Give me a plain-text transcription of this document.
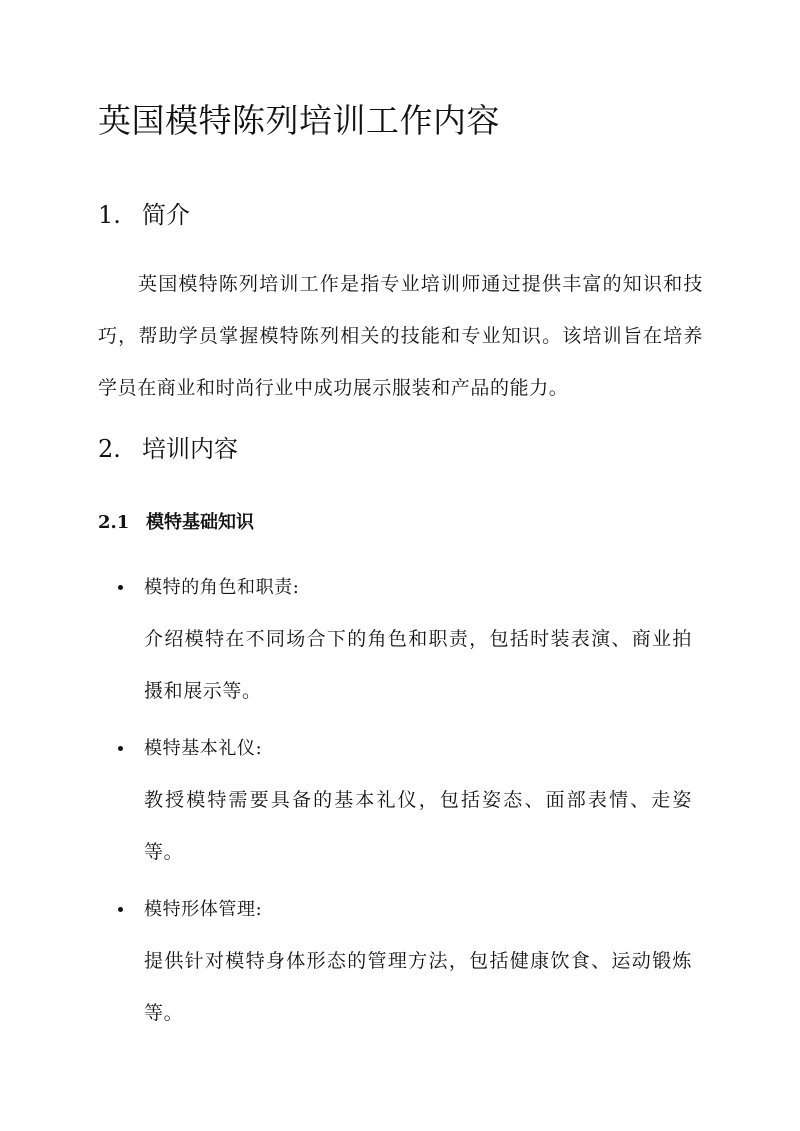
英国模特陈列培训工作内容
1. 简介

英国模特陈列培训工作是指专业培训师通过提供丰富的知识和技巧，帮助学员掌握模特陈列相关的技能和专业知识。该培训旨在培养学员在商业和时尚行业中成功展示服装和产品的能力。

2. 培训内容
2.1 模特基础知识

模特的角色和职责:

介绍模特在不同场合下的角色和职责，包括时装表演、商业拍摄和展示等。

模特基本礼仪:

教授模特需要具备的基本礼仪，包括姿态、面部表情、走姿等。

模特形体管理:

提供针对模特身体形态的管理方法，包括健康饮食、运动锻炼等。
